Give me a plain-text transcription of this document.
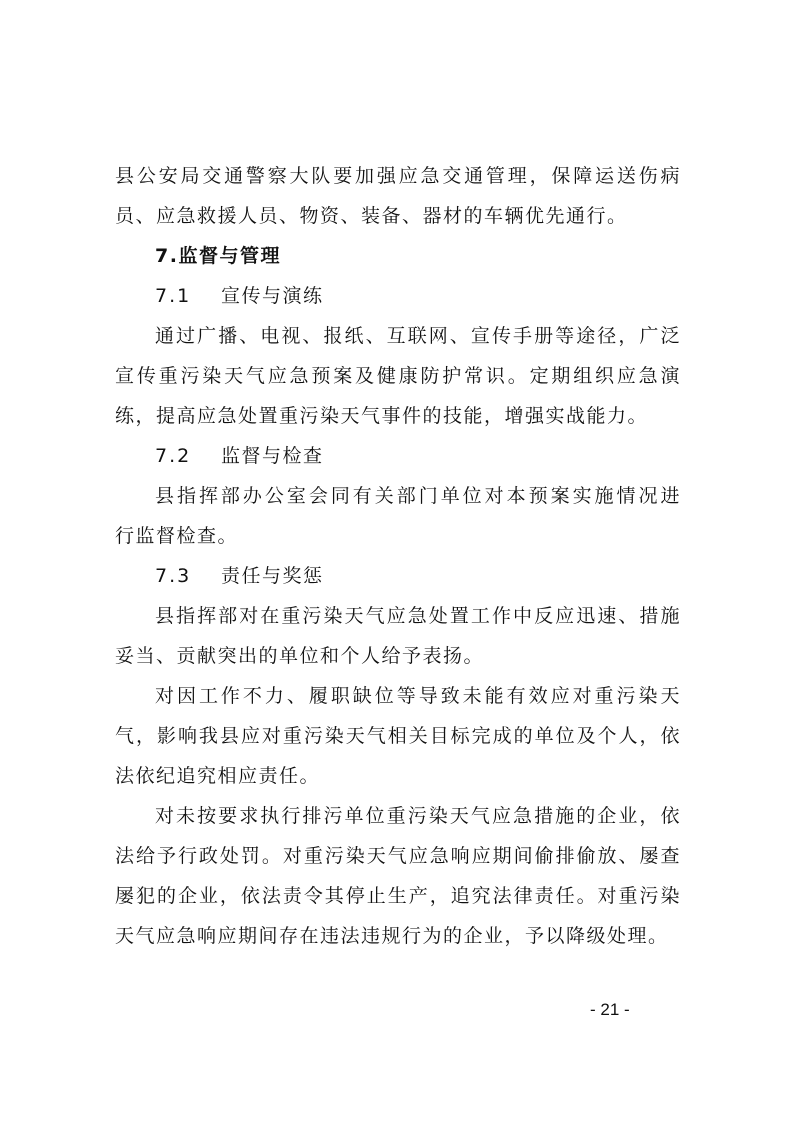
县公安局交通警察大队要加强应急交通管理，保障运送伤病

员、应急救援人员、物资、装备、器材的车辆优先通行。

7.监督与管理

7.1 宣传与演练

通过广播、电视、报纸、互联网、宣传手册等途径，广泛

宣传重污染天气应急预案及健康防护常识。定期组织应急演

练，提高应急处置重污染天气事件的技能，增强实战能力。

7.2 监督与检查

县指挥部办公室会同有关部门单位对本预案实施情况进

行监督检查。

7.3 责任与奖惩

县指挥部对在重污染天气应急处置工作中反应迅速、措施

妥当、贡献突出的单位和个人给予表扬。

对因工作不力、履职缺位等导致未能有效应对重污染天

气，影响我县应对重污染天气相关目标完成的单位及个人，依

法依纪追究相应责任。

对未按要求执行排污单位重污染天气应急措施的企业，依

法给予行政处罚。对重污染天气应急响应期间偷排偷放、屡查

屡犯的企业，依法责令其停止生产，追究法律责任。对重污染

天气应急响应期间存在违法违规行为的企业，予以降级处理。

- 21 -
